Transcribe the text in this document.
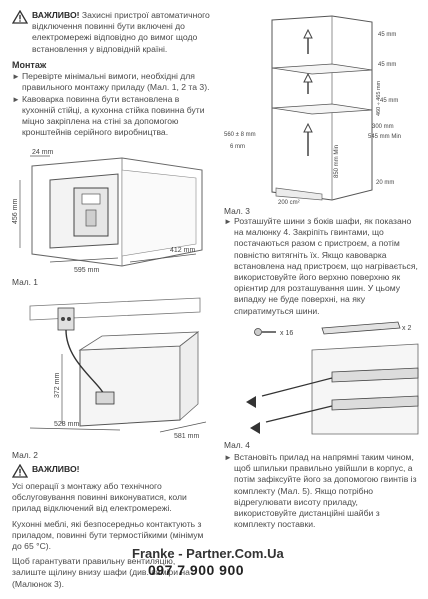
ВАЖЛИВО! Захисні пристрої автоматичного відключення повинні бути включені до електромережі відповідно до вимог щодо встановлення у відповідній країні.
Монтаж
► Перевірте мінімальні вимоги, необхідні для правильного монтажу приладу (Мал. 1, 2 та 3).
► Кавоварка повинна бути встановлена в кухонній стійці, а кухонна стійка повинна бути міцно закріплена на стіні за допомогою кронштейнів серійного виробництва.
24 mm
456 mm
595 mm
412 mm
Мал. 1
372 mm
528 mm
581 mm
Мал. 2
ВАЖЛИВО!
Усі операції з монтажу або технічного обслуговування повинні виконуватися, коли прилад відключений від електромережі.
Кухонні меблі, які безпосередньо контактують з приладом, повинні бути термостійкими (мінімум до 65 °C).
Щоб гарантувати правильну вентиляцію, залиште щілину внизу шафи (див. виміри на (Малюнок 3).
45 mm
45 mm
560 ± 8 mm
6 mm
460 ÷ 465 mm
45 mm
300 mm
545 mm Min
850 mm Min
200 cm²
20 mm
Мал. 3
► Розташуйте шини з боків шафи, як показано на малюнку 4. Закріпіть гвинтами, що постачаються разом с пристроєм, а потім повністю витягніть їх. Якщо кавоварка встановлена над пристроєм, що нагрівається, використовуйте його верхню поверхню як орієнтир для розташування шин. У цьому випадку не буде поверхні, на яку спиратимуться шини.
x 16
x 2
Мал. 4
► Встановіть прилад на напрямні таким чином, щоб шпильки правильно увійшли в корпус, а потім зафіксуйте його за допомогою гвинтів із комплекту (Мал. 5). Якщо потрібно відрегулювати висоту приладу, використовуйте дистанційні шайби з комплекту поставки.
Franke - Partner.Com.Ua
097 7 900 900
